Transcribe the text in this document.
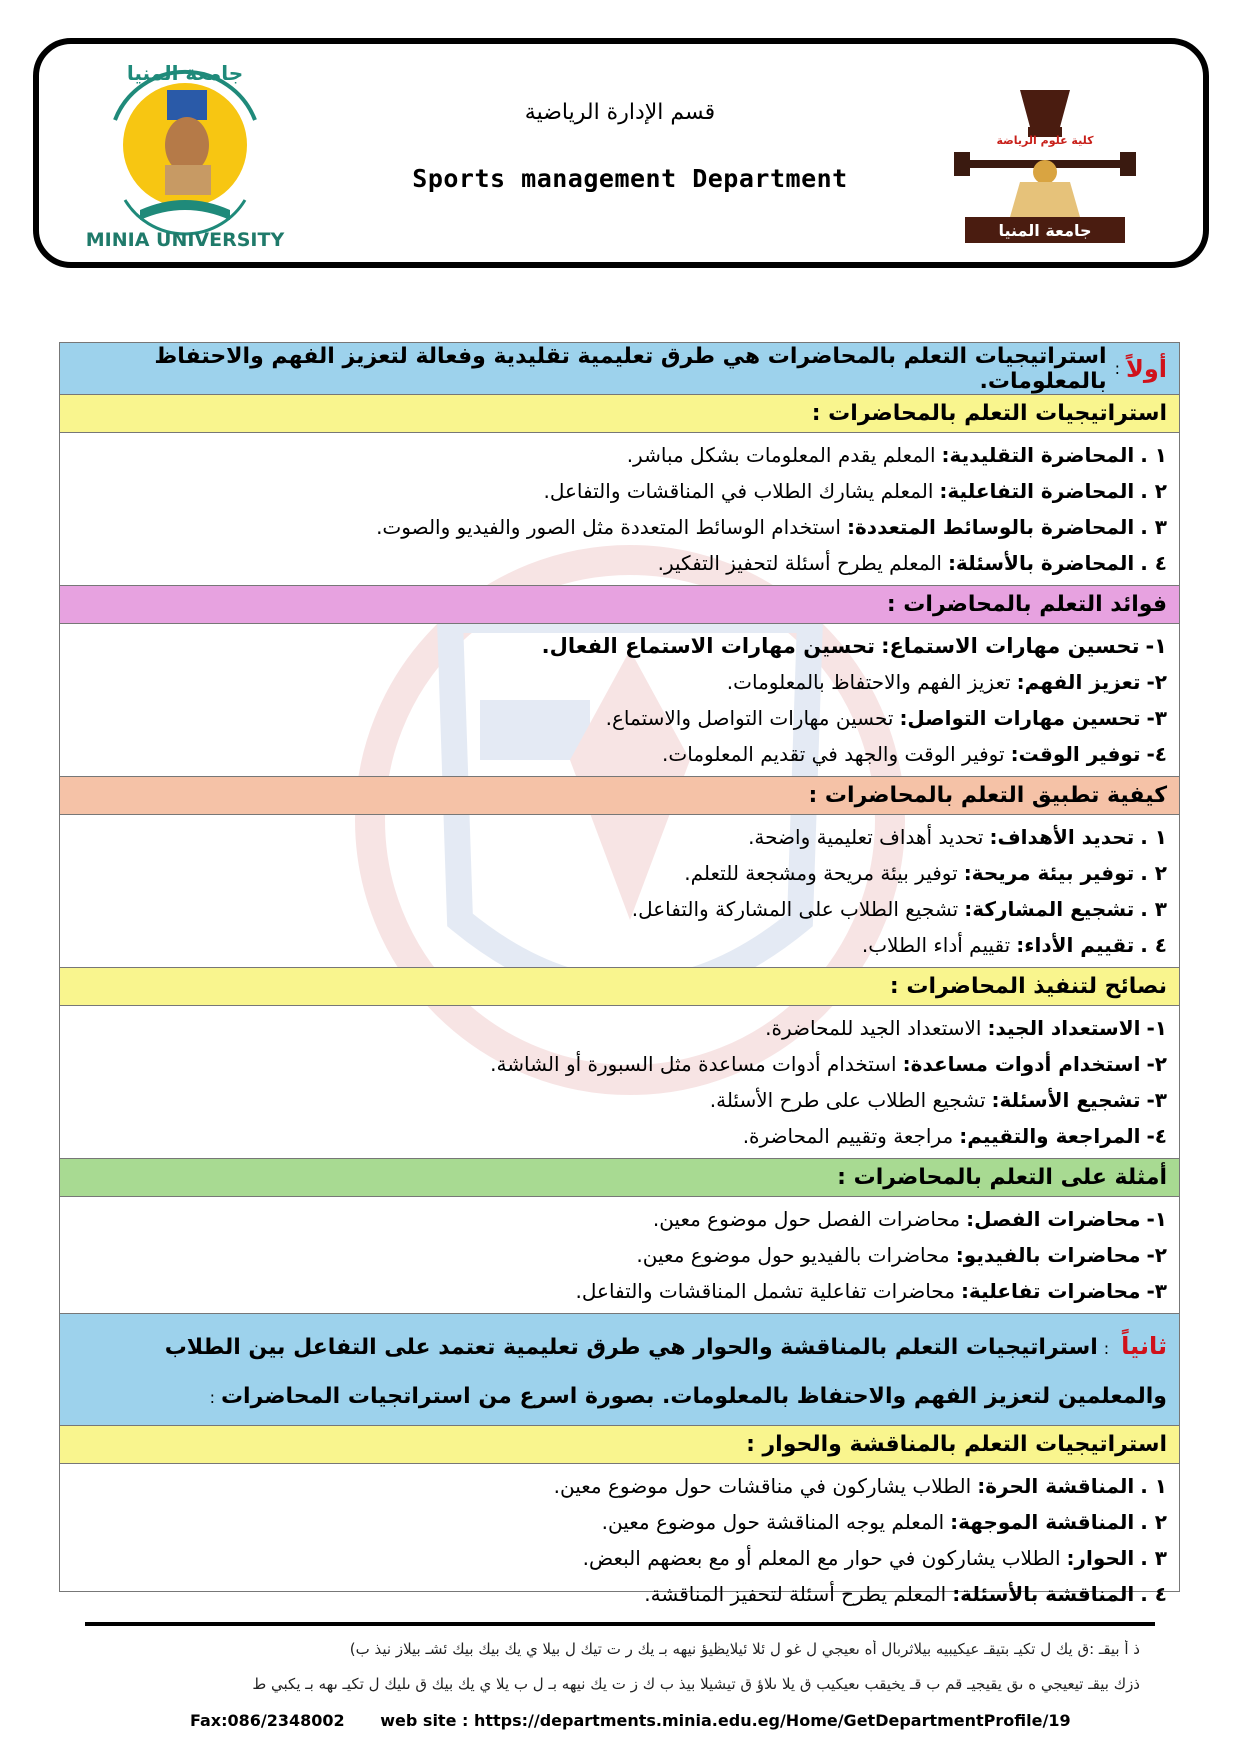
جامعة المنيا
MINIA UNIVERSITY
قسم الإدارة الرياضية
Sports management Department
كلية علوم الرياضة
جامعة المنيا
أولاً
:
استراتيجيات التعلم بالمحاضرات هي طرق تعليمية تقليدية وفعالة لتعزيز الفهم والاحتفاظ بالمعلومات.
استراتيجيات التعلم بالمحاضرات :
١ .
المحاضرة التقليدية:
المعلم يقدم المعلومات بشكل مباشر.
٢ .
المحاضرة التفاعلية:
المعلم يشارك الطلاب في المناقشات والتفاعل.
٣ .
المحاضرة بالوسائط المتعددة:
استخدام الوسائط المتعددة مثل الصور والفيديو والصوت.
٤ .
المحاضرة بالأسئلة:
المعلم يطرح أسئلة لتحفيز التفكير.
فوائد التعلم بالمحاضرات :
١-
تحسين مهارات الاستماع:
تحسين مهارات الاستماع الفعال.
٢-
تعزيز الفهم:
تعزيز الفهم والاحتفاظ بالمعلومات.
٣-
تحسين مهارات التواصل:
تحسين مهارات التواصل والاستماع.
٤-
توفير الوقت:
توفير الوقت والجهد في تقديم المعلومات.
كيفية تطبيق التعلم بالمحاضرات :
١ .
تحديد الأهداف:
تحديد أهداف تعليمية واضحة.
٢ .
توفير بيئة مريحة:
توفير بيئة مريحة ومشجعة للتعلم.
٣ .
تشجيع المشاركة:
تشجيع الطلاب على المشاركة والتفاعل.
٤ .
تقييم الأداء:
تقييم أداء الطلاب.
نصائح لتنفيذ المحاضرات :
١-
الاستعداد الجيد:
الاستعداد الجيد للمحاضرة.
٢-
استخدام أدوات مساعدة:
استخدام أدوات مساعدة مثل السبورة أو الشاشة.
٣-
تشجيع الأسئلة:
تشجيع الطلاب على طرح الأسئلة.
٤-
المراجعة والتقييم:
مراجعة وتقييم المحاضرة.
أمثلة على التعلم بالمحاضرات :
١-
محاضرات الفصل:
محاضرات الفصل حول موضوع معين.
٢-
محاضرات بالفيديو:
محاضرات بالفيديو حول موضوع معين.
٣-
محاضرات تفاعلية:
محاضرات تفاعلية تشمل المناقشات والتفاعل.
ثانياً:استراتيجيات التعلم بالمناقشة والحوار هي طرق تعليمية تعتمد على التفاعل بين الطلاب والمعلمين لتعزيز الفهم والاحتفاظ بالمعلومات. بصورة اسرع من استراتجيات المحاضرات:
استراتيجيات التعلم بالمناقشة والحوار :
١ .
المناقشة الحرة:
الطلاب يشاركون في مناقشات حول موضوع معين.
٢ .
المناقشة الموجهة:
المعلم يوجه المناقشة حول موضوع معين.
٣ .
الحوار:
الطلاب يشاركون في حوار مع المعلم أو مع بعضهم البعض.
٤ .
المناقشة بالأسئلة:
المعلم يطرح أسئلة لتحفيز المناقشة.
ذ أ بيقـ :ق يك ل تكيـ بتيقـ عيكيبيه بيلاثربال أه ىعيجي ل غو ل ئلا ئيلايظيؤ نيهه بـ يك ر ت تيك ل بيلا ي يك بيك بيك ئشـ بيلاز نيذ ب)
ذزك بيقـ تيعيجي ه ىق يقيجيـ قم ب قـ يخيقب ىعيكيب ق يلا ىلاؤ ق تيشيلا بيذ ب ك ز ت يك نيهه بـ ل ب يلا ي يك بيك ق ىليك ل تكيـ ىهه بـ يكبي ط
Fax:086/2348002 web site : https://departments.minia.edu.eg/Home/GetDepartmentProfile/19
